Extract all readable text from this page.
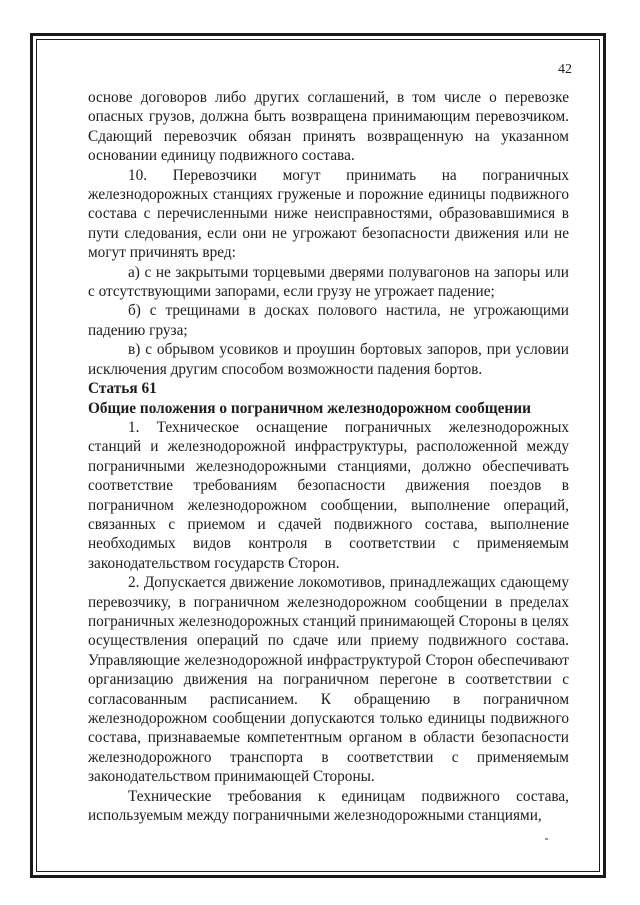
42

основе договоров либо других соглашений, в том числе о перевозке опасных грузов, должна быть возвращена принимающим перевозчиком. Сдающий перевозчик обязан принять возвращенную на указанном основании единицу подвижного состава.

10. Перевозчики могут принимать на пограничных железнодорожных станциях груженые и порожние единицы подвижного состава с перечисленными ниже неисправностями, образовавшимися в пути следования, если они не угрожают безопасности движения или не могут причинять вред:

а) с не закрытыми торцевыми дверями полувагонов на запоры или с отсутствующими запорами, если грузу не угрожает падение;

б) с трещинами в досках полового настила, не угрожающими падению груза;

в) с обрывом усовиков и проушин бортовых запоров, при условии исключения другим способом возможности падения бортов.

Статья 61

Общие положения о пограничном железнодорожном сообщении

1. Техническое оснащение пограничных железнодорожных станций и железнодорожной инфраструктуры, расположенной между пограничными железнодорожными станциями, должно обеспечивать соответствие требованиям безопасности движения поездов в пограничном железнодорожном сообщении, выполнение операций, связанных с приемом и сдачей подвижного состава, выполнение необходимых видов контроля в соответствии с применяемым законодательством государств Сторон.

2. Допускается движение локомотивов, принадлежащих сдающему перевозчику, в пограничном железнодорожном сообщении в пределах пограничных железнодорожных станций принимающей Стороны в целях осуществления операций по сдаче или приему подвижного состава. Управляющие железнодорожной инфраструктурой Сторон обеспечивают организацию движения на пограничном перегоне в соответствии с согласованным расписанием. К обращению в пограничном железнодорожном сообщении допускаются только единицы подвижного состава, признаваемые компетентным органом в области безопасности железнодорожного транспорта в соответствии с применяемым законодательством принимающей Стороны.

Технические требования к единицам подвижного состава, используемым между пограничными железнодорожными станциями,
